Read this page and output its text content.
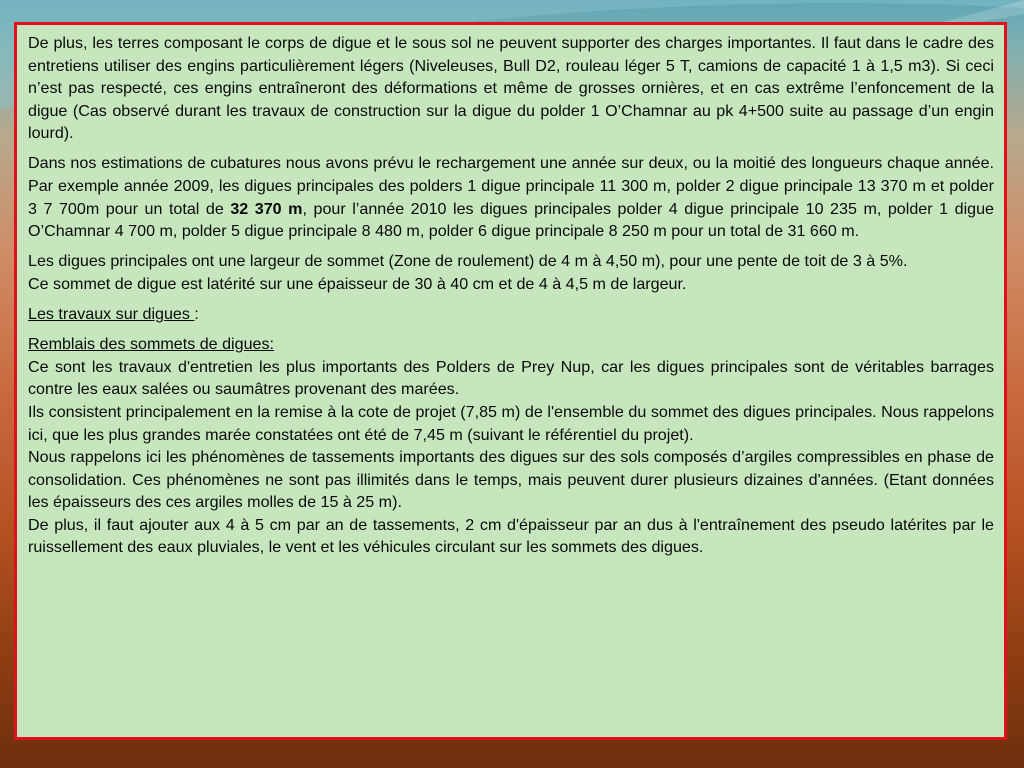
De plus, les terres composant le corps de digue et le sous sol ne peuvent supporter des charges importantes. Il faut dans le cadre des entretiens utiliser des engins particulièrement légers (Niveleuses, Bull D2, rouleau léger 5 T, camions de capacité 1 à 1,5 m3). Si ceci n’est pas respecté, ces engins entraîneront des déformations et même de grosses ornières, et en cas extrême l’enfoncement de la digue (Cas observé durant les travaux de construction sur la digue du polder 1 O’Chamnar au pk 4+500 suite au passage d’un engin lourd).

Dans nos estimations de cubatures nous avons prévu le rechargement une année sur deux, ou la moitié des longueurs chaque année. Par exemple année 2009, les digues principales des polders 1 digue principale 11 300 m, polder 2 digue principale 13 370 m et polder 3 7 700m pour un total de 32 370 m, pour l’année 2010 les digues principales polder 4 digue principale 10 235 m, polder 1 digue O’Chamnar 4 700 m, polder 5 digue principale 8 480 m, polder 6 digue principale 8 250 m pour un total de 31 660 m.

Les digues principales ont une largeur de sommet (Zone de roulement) de 4 m à 4,50 m), pour une pente de toit de 3 à 5%.

Ce sommet de digue est latérité sur une épaisseur de 30 à 40 cm et de 4 à 4,5 m de largeur.

Les travaux sur digues :

Remblais des sommets de digues:

Ce sont les travaux d'entretien les plus importants des Polders de Prey Nup, car les digues principales sont de véritables barrages contre les eaux salées ou saumâtres provenant des marées.

Ils consistent principalement en la remise à la cote de projet (7,85 m) de l'ensemble du sommet des digues principales. Nous rappelons ici, que les plus grandes marée constatées ont été de 7,45 m (suivant le référentiel du projet).

Nous rappelons ici les phénomènes de tassements importants des digues sur des sols composés d’argiles compressibles en phase de consolidation. Ces phénomènes ne sont pas illimités dans le temps, mais peuvent durer plusieurs dizaines d'années. (Etant données les épaisseurs des ces argiles molles de 15 à 25 m).

De plus, il faut ajouter aux 4 à 5 cm par an de tassements, 2 cm d'épaisseur par an dus à l'entraînement des pseudo latérites par le ruissellement des eaux pluviales, le vent et les véhicules circulant sur les sommets des digues.
